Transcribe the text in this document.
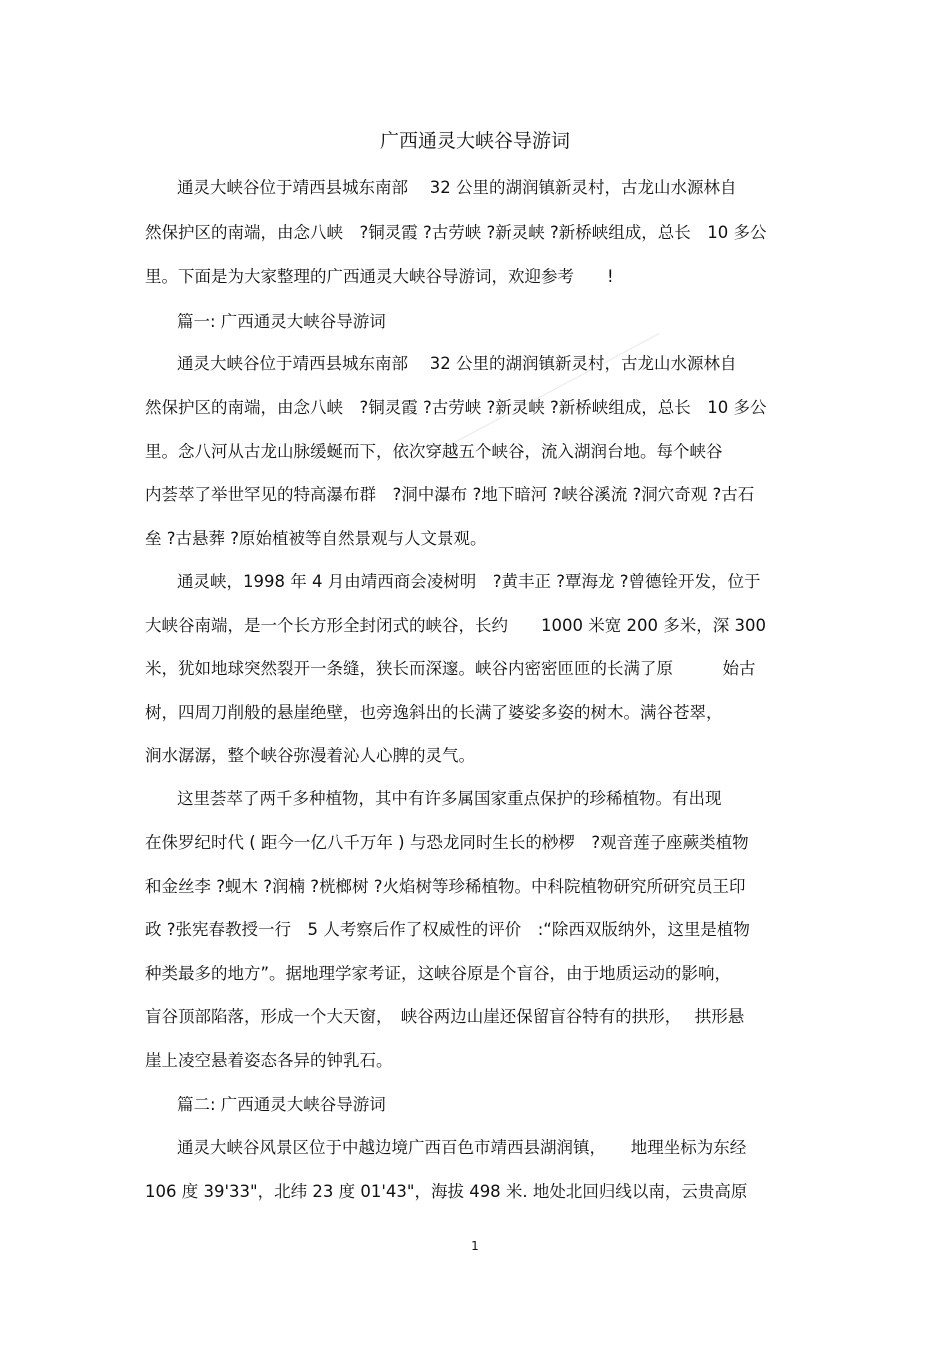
广西通灵大峡谷导游词
通灵大峡谷位于靖西县城东南部　 32 公里的湖润镇新灵村，古龙山水源林自
然保护区的南端，由念八峡　?铜灵霞 ?古劳峡 ?新灵峡 ?新桥峡组成，总长　10 多公
里。下面是为大家整理的广西通灵大峡谷导游词，欢迎参考　　!
篇一: 广西通灵大峡谷导游词
通灵大峡谷位于靖西县城东南部　 32 公里的湖润镇新灵村，古龙山水源林自
然保护区的南端，由念八峡　?铜灵霞 ?古劳峡 ?新灵峡 ?新桥峡组成，总长　10 多公
里。念八河从古龙山脉缓蜒而下，依次穿越五个峡谷，流入湖润台地。每个峡谷
内荟萃了举世罕见的特高瀑布群　?洞中瀑布 ?地下暗河 ?峡谷溪流 ?洞穴奇观 ?古石
垒 ?古悬葬 ?原始植被等自然景观与人文景观。
通灵峡，1998 年 4 月由靖西商会凌树明　?黄丰正 ?覃海龙 ?曾德铨开发，位于
大峡谷南端，是一个长方形全封闭式的峡谷，长约　　1000 米宽 200 多米，深 300
米，犹如地球突然裂开一条缝，狭长而深邃。峡谷内密密匝匝的长满了原　　　始古
树，四周刀削般的悬崖绝壁，也旁逸斜出的长满了婆娑多姿的树木。满谷苍翠，
涧水潺潺，整个峡谷弥漫着沁人心脾的灵气。
这里荟萃了两千多种植物，其中有许多属国家重点保护的珍稀植物。有出现
在侏罗纪时代 ( 距今一亿八千万年 ) 与恐龙同时生长的桫椤　?观音莲子座蕨类植物
和金丝李 ?蚬木 ?润楠 ?桄榔树 ?火焰树等珍稀植物。中科院植物研究所研究员王印
政 ?张宪春教授一行　5 人考察后作了权威性的评价　:“除西双版纳外，这里是植物
种类最多的地方”。据地理学家考证，这峡谷原是个盲谷，由于地质运动的影响，
盲谷顶部陷落，形成一个大天窗，　峡谷两边山崖还保留盲谷特有的拱形，　 拱形悬
崖上凌空悬着姿态各异的钟乳石。
篇二: 广西通灵大峡谷导游词
通灵大峡谷风景区位于中越边境广西百色市靖西县湖润镇，　　地理坐标为东经
106 度 39'33"，北纬 23 度 01'43"，海拔 498 米. 地处北回归线以南，云贵高原
1
